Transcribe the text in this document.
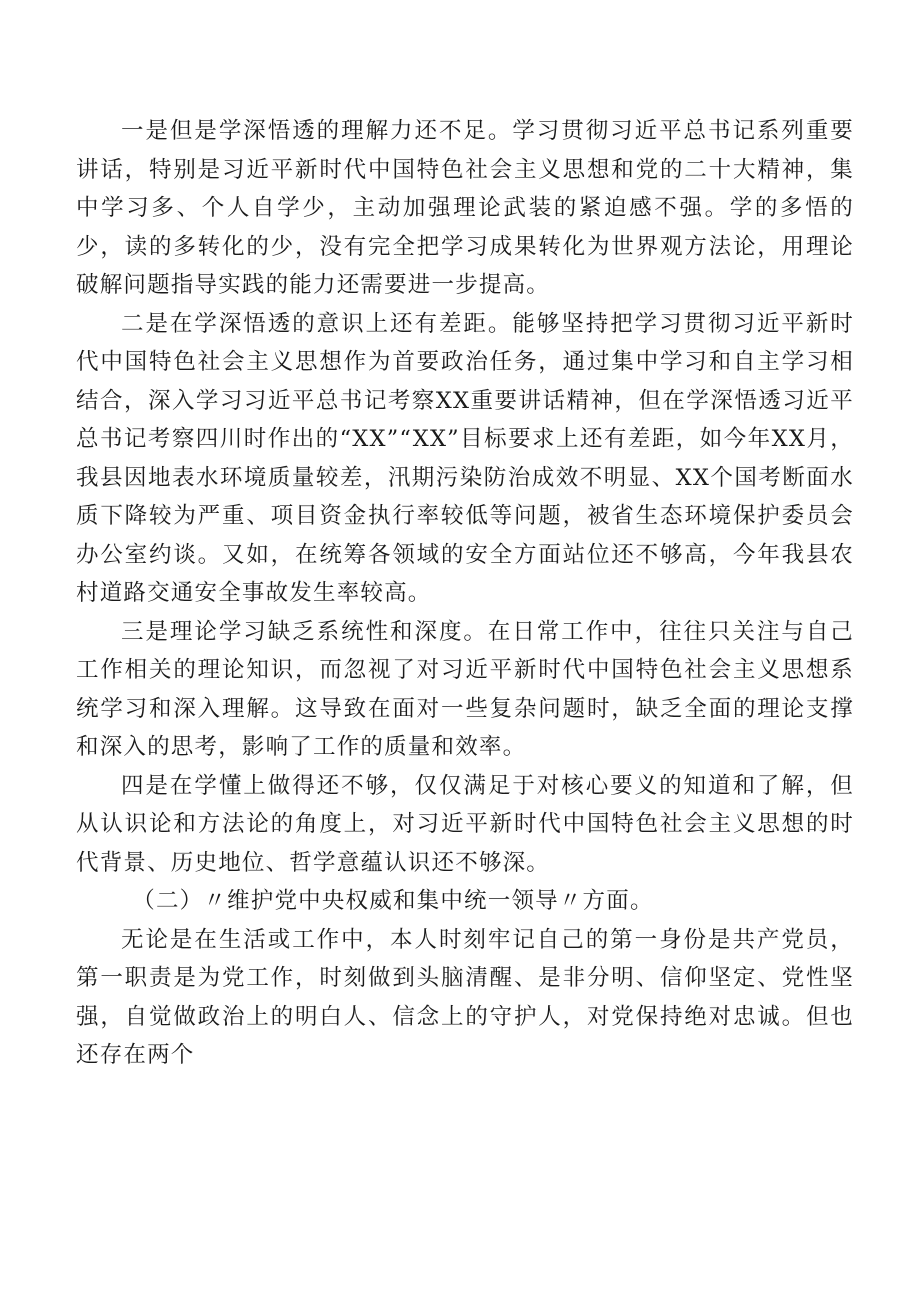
一是但是学深悟透的理解力还不足。学习贯彻习近平总书记系列重要讲话，特别是习近平新时代中国特色社会主义思想和党的二十大精神，集中学习多、个人自学少，主动加强理论武装的紧迫感不强。学的多悟的少，读的多转化的少，没有完全把学习成果转化为世界观方法论，用理论破解问题指导实践的能力还需要进一步提高。

二是在学深悟透的意识上还有差距。能够坚持把学习贯彻习近平新时代中国特色社会主义思想作为首要政治任务，通过集中学习和自主学习相结合，深入学习习近平总书记考察XX重要讲话精神，但在学深悟透习近平总书记考察四川时作出的“XX”“XX”目标要求上还有差距，如今年XX月，我县因地表水环境质量较差，汛期污染防治成效不明显、XX个国考断面水质下降较为严重、项目资金执行率较低等问题，被省生态环境保护委员会办公室约谈。又如，在统筹各领域的安全方面站位还不够高，今年我县农村道路交通安全事故发生率较高。

三是理论学习缺乏系统性和深度。在日常工作中，往往只关注与自己工作相关的理论知识，而忽视了对习近平新时代中国特色社会主义思想系统学习和深入理解。这导致在面对一些复杂问题时，缺乏全面的理论支撑和深入的思考，影响了工作的质量和效率。

四是在学懂上做得还不够，仅仅满足于对核心要义的知道和了解，但从认识论和方法论的角度上，对习近平新时代中国特色社会主义思想的时代背景、历史地位、哲学意蕴认识还不够深。

（二）〃维护党中央权威和集中统一领导〃方面。

无论是在生活或工作中，本人时刻牢记自己的第一身份是共产党员，第一职责是为党工作，时刻做到头脑清醒、是非分明、信仰坚定、党性坚强，自觉做政治上的明白人、信念上的守护人，对党保持绝对忠诚。但也还存在两个
